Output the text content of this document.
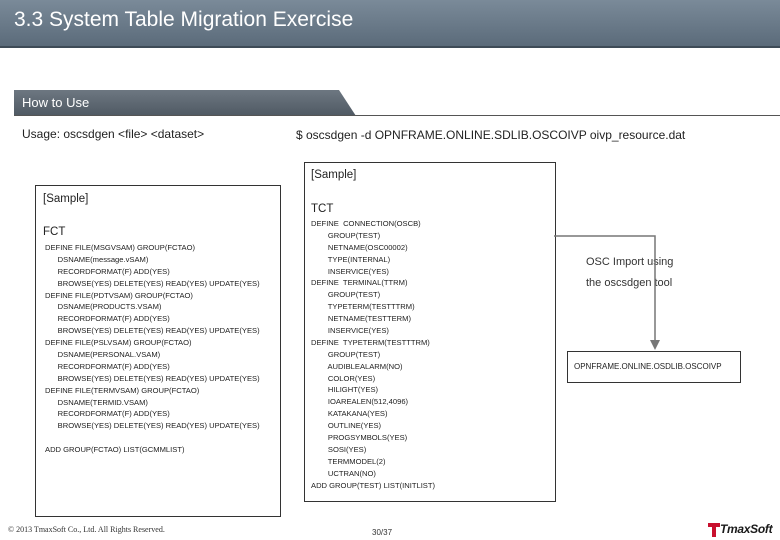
3.3 System Table Migration Exercise
How to Use
Usage: oscsdgen <file> <dataset>	$ oscsdgen -d OPNFRAME.ONLINE.SDLIB.OSCOIVP oivp_resource.dat
[Sample]
FCT
DEFINE FILE(MSGVSAM) GROUP(FCTAO)
DSNAME(message.vSAM)
RECORDFORMAT(F) ADD(YES)
BROWSE(YES) DELETE(YES) READ(YES) UPDATE(YES)
DEFINE FILE(PDTVSAM) GROUP(FCTAO)
DSNAME(PRODUCTS.VSAM)
RECORDFORMAT(F) ADD(YES)
BROWSE(YES) DELETE(YES) READ(YES) UPDATE(YES)
DEFINE FILE(PSLVSAM) GROUP(FCTAO)
DSNAME(PERSONAL.VSAM)
RECORDFORMAT(F) ADD(YES)
BROWSE(YES) DELETE(YES) READ(YES) UPDATE(YES)
DEFINE FILE(TERMVSAM) GROUP(FCTAO)
DSNAME(TERMID.VSAM)
RECORDFORMAT(F) ADD(YES)
BROWSE(YES) DELETE(YES) READ(YES) UPDATE(YES)
ADD GROUP(FCTAO) LIST(GCMMLIST)
[Sample]
TCT
DEFINE  CONNECTION(OSCB)
GROUP(TEST)
NETNAME(OSC00002)
TYPE(INTERNAL)
INSERVICE(YES)
DEFINE  TERMINAL(TTRM)
GROUP(TEST)
TYPETERM(TESTTTRM)
NETNAME(TESTTERM)
INSERVICE(YES)
DEFINE  TYPETERM(TESTTTRM)
GROUP(TEST)
AUDIBLEALARM(NO)
COLOR(YES)
HILIGHT(YES)
IOAREALEN(512,4096)
KATAKANA(YES)
OUTLINE(YES)
PROGSYMBOLS(YES)
SOSI(YES)
TERMMODEL(2)
UCTRAN(NO)
ADD GROUP(TEST) LIST(INITLIST)
OSC Import using
the oscsdgen tool
OPNFRAME.ONLINE.OSDLIB.OSCOIVP
© 2013 TmaxSoft Co., Ltd. All Rights Reserved.	30/37	TmaxSoft
